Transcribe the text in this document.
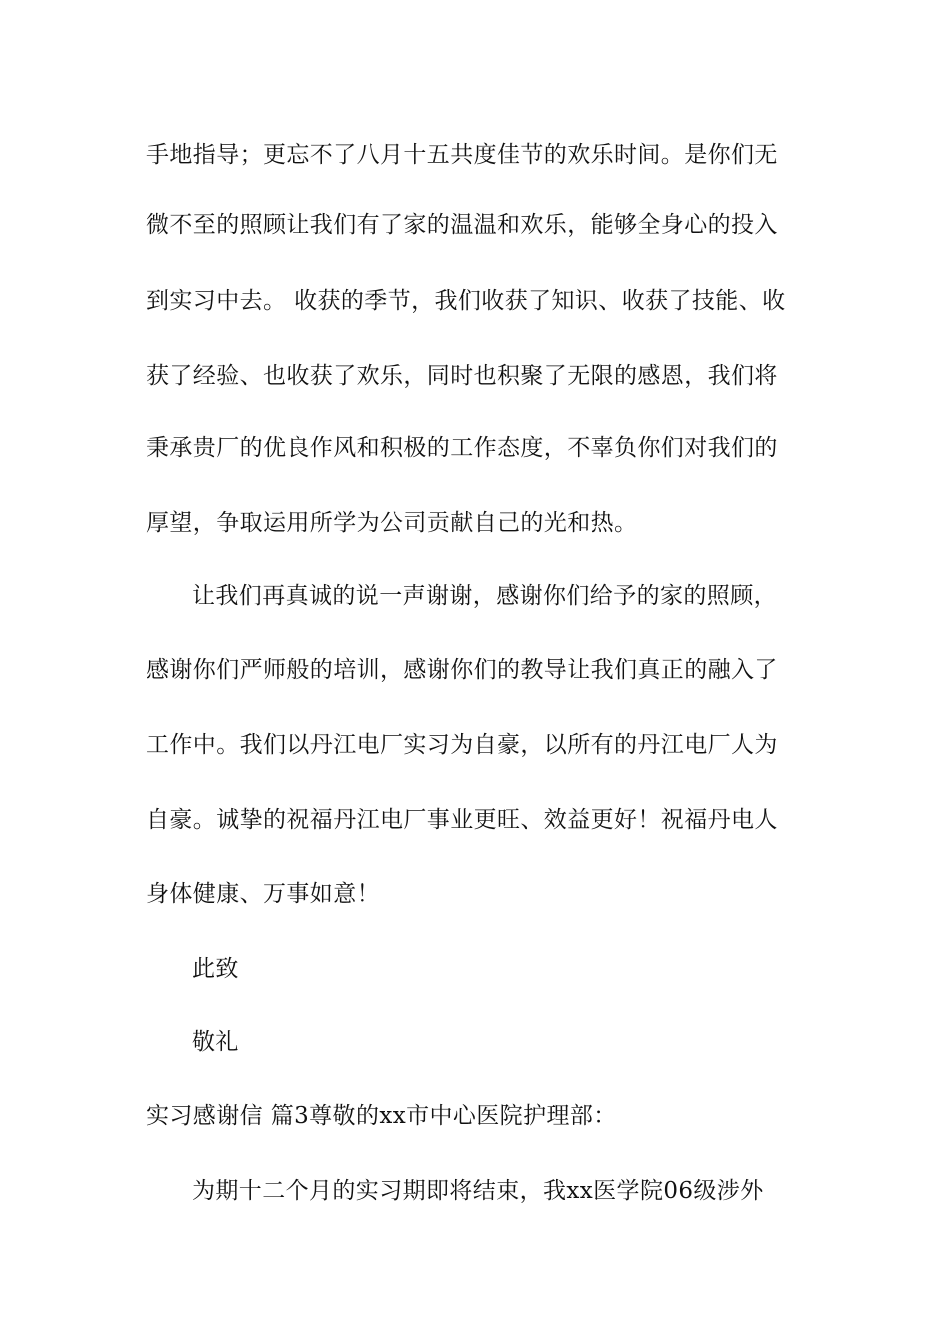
手地指导；更忘不了八月十五共度佳节的欢乐时间。是你们无
微不至的照顾让我们有了家的温温和欢乐，能够全身心的投入
到实习中去。 收获的季节，我们收获了知识、收获了技能、收
获了经验、也收获了欢乐，同时也积聚了无限的感恩，我们将
秉承贵厂的优良作风和积极的工作态度，不辜负你们对我们的
厚望，争取运用所学为公司贡献自己的光和热。
让我们再真诚的说一声谢谢，感谢你们给予的家的照顾，
感谢你们严师般的培训，感谢你们的教导让我们真正的融入了
工作中。我们以丹江电厂实习为自豪，以所有的丹江电厂人为
自豪。诚挚的祝福丹江电厂事业更旺、效益更好！祝福丹电人
身体健康、万事如意！
此致
敬礼
实习感谢信 篇3尊敬的xx市中心医院护理部：
为期十二个月的实习期即将结束，我xx医学院06级涉外
